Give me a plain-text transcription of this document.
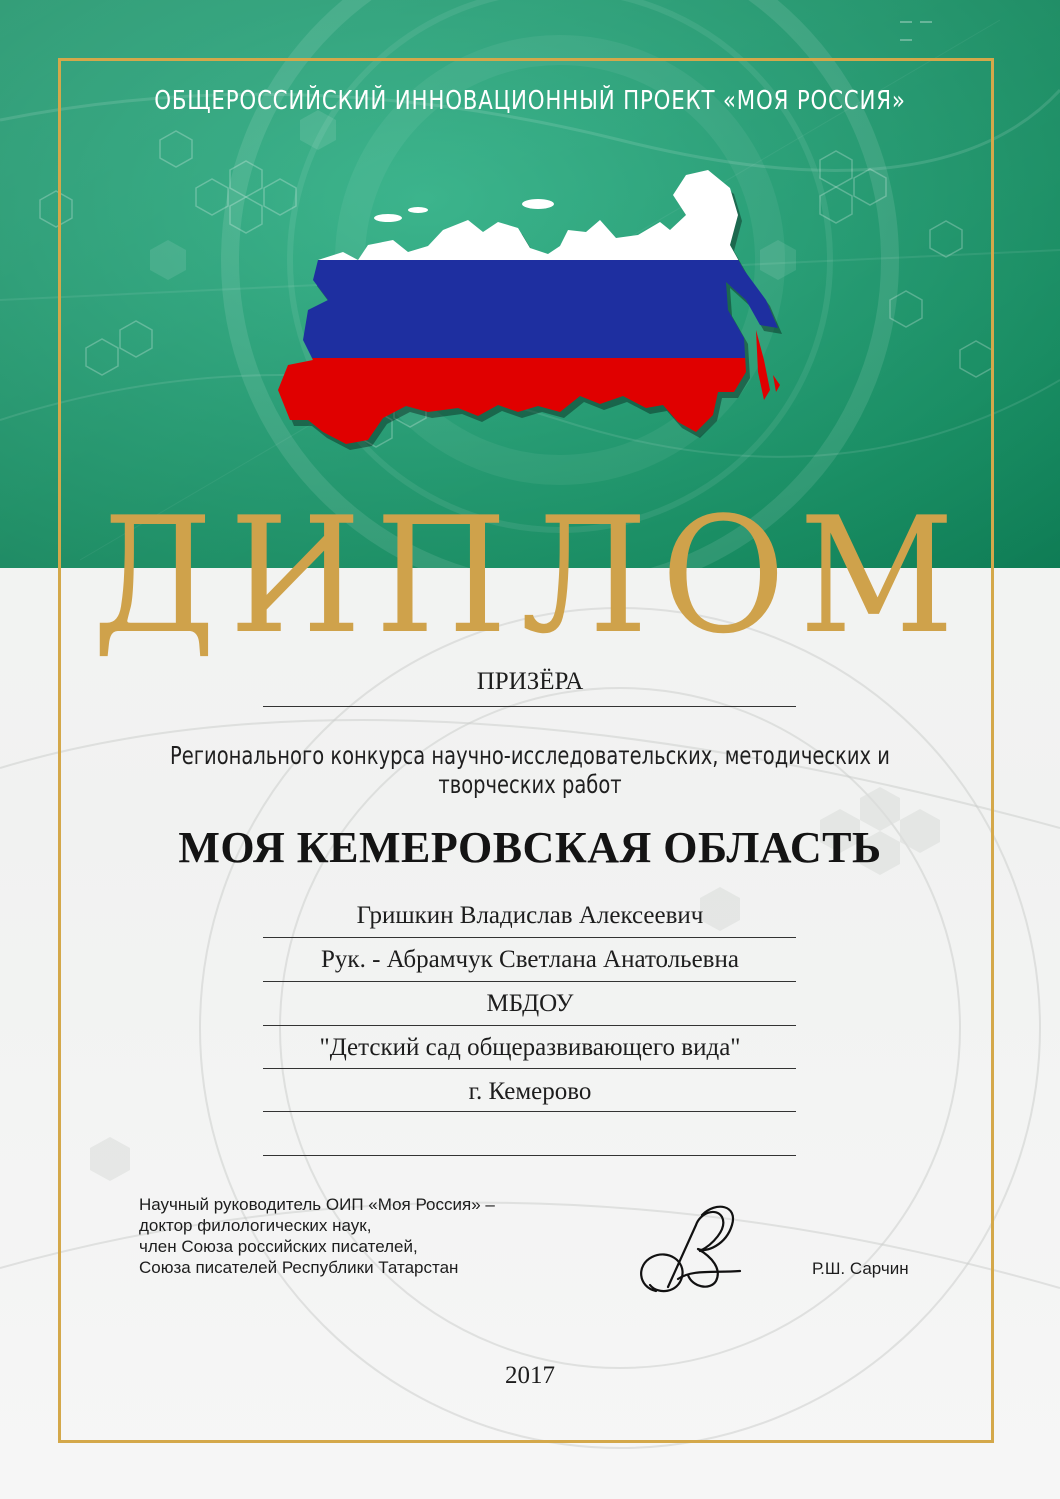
ОБЩЕРОССИЙСКИЙ ИННОВАЦИОННЫЙ ПРОЕКТ «МОЯ РОССИЯ»
ДИПЛОМ
ПРИЗЁРА
Регионального конкурса научно-исследовательских, методических и творческих работ
МОЯ КЕМЕРОВСКАЯ ОБЛАСТЬ
Гришкин Владислав Алексеевич
Рук. - Абрамчук Светлана Анатольевна
МБДОУ
"Детский сад общеразвивающего вида"
г. Кемерово
Научный руководитель ОИП «Моя Россия» –
доктор филологических наук,
член Союза российских писателей,
Союза писателей Республики Татарстан	Р.Ш. Сарчин
2017
